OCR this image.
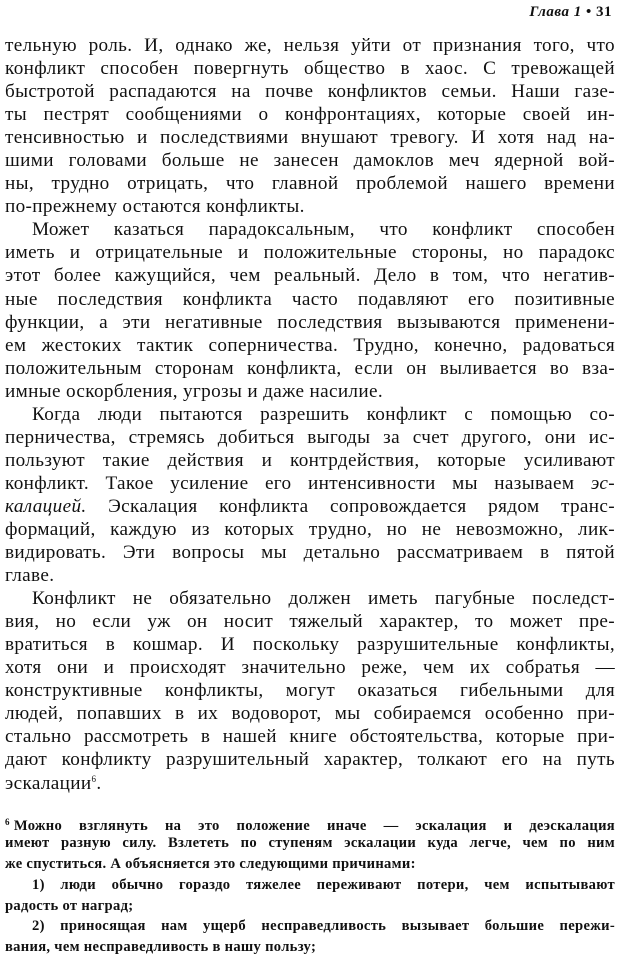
Глава 1 • 31
тельную роль. И, однако же, нельзя уйти от признания того, что
конфликт способен повергнуть общество в хаос. С тревожащей
быстротой распадаются на почве конфликтов семьи. Наши газе-
ты пестрят сообщениями о конфронтациях, которые своей ин-
тенсивностью и последствиями внушают тревогу. И хотя над на-
шими головами больше не занесен дамоклов меч ядерной вой-
ны, трудно отрицать, что главной проблемой нашего времени
по-прежнему остаются конфликты.
Может казаться парадоксальным, что конфликт способен
иметь и отрицательные и положительные стороны, но парадокс
этот более кажущийся, чем реальный. Дело в том, что негатив-
ные последствия конфликта часто подавляют его позитивные
функции, а эти негативные последствия вызываются применени-
ем жестоких тактик соперничества. Трудно, конечно, радоваться
положительным сторонам конфликта, если он выливается во вза-
имные оскорбления, угрозы и даже насилие.
Когда люди пытаются разрешить конфликт с помощью со-
перничества, стремясь добиться выгоды за счет другого, они ис-
пользуют такие действия и контрдействия, которые усиливают
конфликт. Такое усиление его интенсивности мы называем эс-
калацией. Эскалация конфликта сопровождается рядом транс-
формаций, каждую из которых трудно, но не невозможно, лик-
видировать. Эти вопросы мы детально рассматриваем в пятой
главе.
Конфликт не обязательно должен иметь пагубные последст-
вия, но если уж он носит тяжелый характер, то может пре-
вратиться в кошмар. И поскольку разрушительные конфликты,
хотя они и происходят значительно реже, чем их собратья —
конструктивные конфликты, могут оказаться гибельными для
людей, попавших в их водоворот, мы собираемся особенно при-
стально рассмотреть в нашей книге обстоятельства, которые при-
дают конфликту разрушительный характер, толкают его на путь
эскалации$^6$.
$^6$ Можно взглянуть на это положение иначе — эскалация и деэскалация
имеют разную силу. Взлететь по ступеням эскалации куда легче, чем по ним
же спуститься. А объясняется это следующими причинами:
1) люди обычно гораздо тяжелее переживают потери, чем испытывают
радость от наград;
2) приносящая нам ущерб несправедливость вызывает большие пережи-
вания, чем несправедливость в нашу пользу;
